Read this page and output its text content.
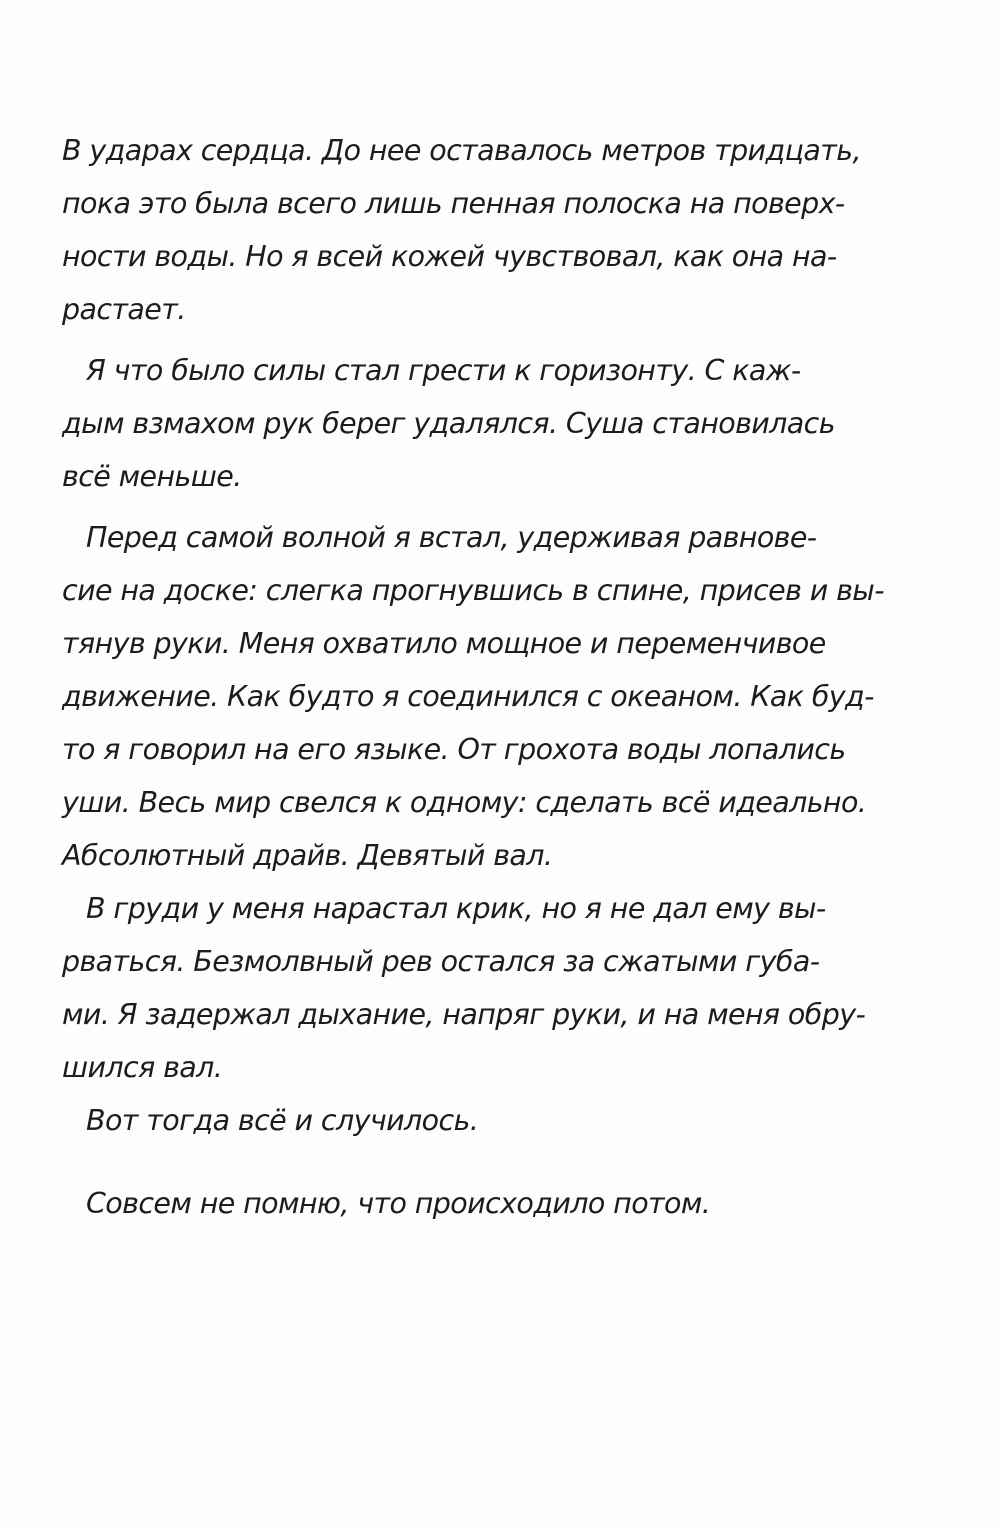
В ударах сердца. До нее оставалось метров тридцать,
пока это была всего лишь пенная полоска на поверх-
ности воды. Но я всей кожей чувствовал, как она на-
растает.

Я что было силы стал грести к горизонту. С каж-
дым взмахом рук берег удалялся. Суша становилась
всё меньше.

Перед самой волной я встал, удерживая равнове-
сие на доске: слегка прогнувшись в спине, присев и вы-
тянув руки. Меня охватило мощное и переменчивое
движение. Как будто я соединился с океаном. Как буд-
то я говорил на его языке. От грохота воды лопались
уши. Весь мир свелся к одному: сделать всё идеально.
Абсолютный драйв. Девятый вал.

В груди у меня нарастал крик, но я не дал ему вы-
рваться. Безмолвный рев остался за сжатыми губа-
ми. Я задержал дыхание, напряг руки, и на меня обру-
шился вал.

Вот тогда всё и случилось.

Совсем не помню, что происходило потом.
